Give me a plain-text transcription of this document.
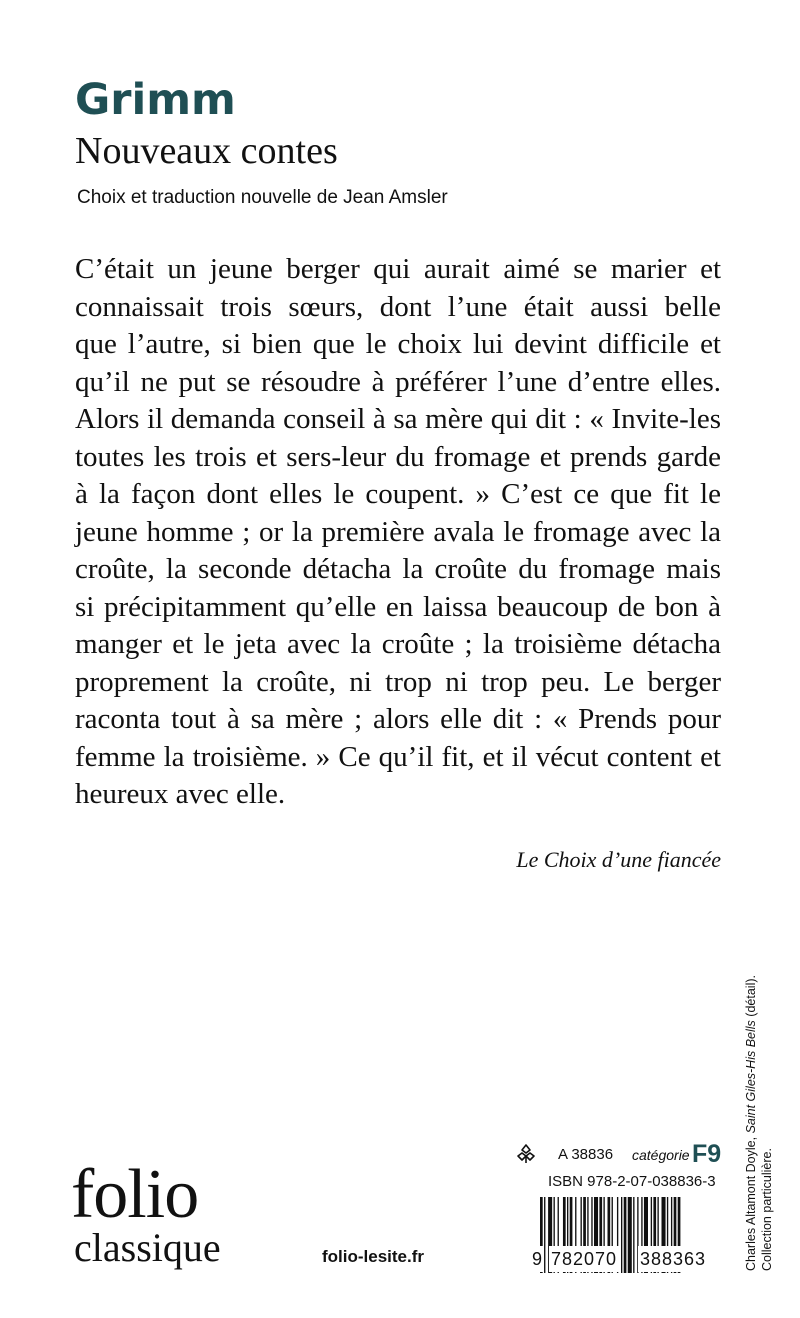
Grimm
Nouveaux contes
Choix et traduction nouvelle de Jean Amsler
C’était un jeune berger qui aurait aimé se marier et
connaissait trois sœurs, dont l’une était aussi belle
que l’autre, si bien que le choix lui devint difficile et
qu’il ne put se résoudre à préférer l’une d’entre elles.
Alors il demanda conseil à sa mère qui dit : « Invite-les
toutes les trois et sers-leur du fromage et prends garde
à la façon dont elles le coupent. » C’est ce que fit le
jeune homme ; or la première avala le fromage avec la
croûte, la seconde détacha la croûte du fromage mais
si précipitamment qu’elle en laissa beaucoup de bon à
manger et le jeta avec la croûte ; la troisième détacha
proprement la croûte, ni trop ni trop peu. Le berger
raconta tout à sa mère ; alors elle dit : « Prends pour
femme la troisième. » Ce qu’il fit, et il vécut content et
heureux avec elle.
Le Choix d’une fiancée
folio
classique	folio-lesite.fr
A 38836 catégorie F9
ISBN 978-2-07-038836-3
9 782070 388363	Charles Altamont Doyle, Saint Giles-His Bells (détail).
Collection particulière.
